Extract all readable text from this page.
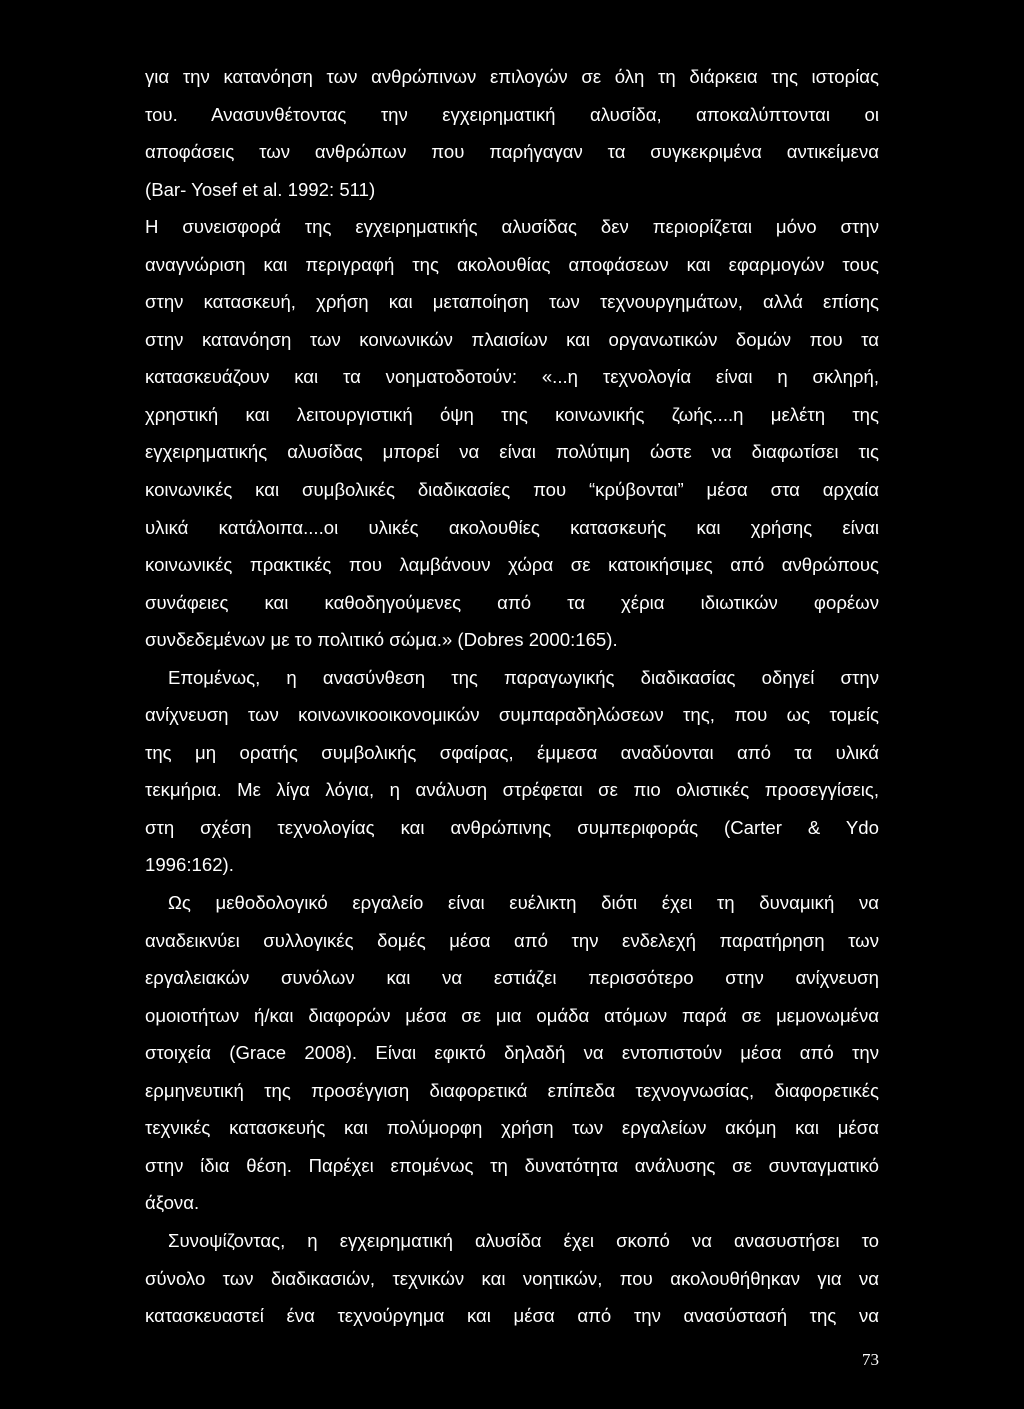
για την κατανόηση των ανθρώπινων επιλογών σε όλη τη διάρκεια της ιστορίας
του. Ανασυνθέτοντας την εγχειρηματική αλυσίδα, αποκαλύπτονται οι
αποφάσεις των ανθρώπων που παρήγαγαν τα συγκεκριμένα αντικείμενα
(Bar- Yosef et al. 1992: 511)
Η συνεισφορά της εγχειρηματικής αλυσίδας δεν περιορίζεται μόνο στην
αναγνώριση και περιγραφή της ακολουθίας αποφάσεων και εφαρμογών τους
στην κατασκευή, χρήση και μεταποίηση των τεχνουργημάτων, αλλά επίσης
στην κατανόηση των κοινωνικών πλαισίων και οργανωτικών δομών που τα
κατασκευάζουν και τα νοηματοδοτούν: «...η τεχνολογία είναι η σκληρή,
χρηστική και λειτουργιστική όψη της κοινωνικής ζωής....η μελέτη της
εγχειρηματικής αλυσίδας μπορεί να είναι πολύτιμη ώστε να διαφωτίσει τις
κοινωνικές και συμβολικές διαδικασίες που “κρύβονται” μέσα στα αρχαία
υλικά κατάλοιπα....οι υλικές ακολουθίες κατασκευής και χρήσης είναι
κοινωνικές πρακτικές που λαμβάνουν χώρα σε κατοικήσιμες από ανθρώπους
συνάφειες και καθοδηγούμενες από τα χέρια ιδιωτικών φορέων
συνδεδεμένων με το πολιτικό σώμα.» (Dobres 2000:165).
Επομένως, η ανασύνθεση της παραγωγικής διαδικασίας οδηγεί στην
ανίχνευση των κοινωνικοοικονομικών συμπαραδηλώσεων της, που ως τομείς
της μη ορατής συμβολικής σφαίρας, έμμεσα αναδύονται από τα υλικά
τεκμήρια. Με λίγα λόγια, η ανάλυση στρέφεται σε πιο ολιστικές προσεγγίσεις,
στη σχέση τεχνολογίας και ανθρώπινης συμπεριφοράς (Carter & Ydo
1996:162).
Ως μεθοδολογικό εργαλείο είναι ευέλικτη διότι έχει τη δυναμική να
αναδεικνύει συλλογικές δομές μέσα από την ενδελεχή παρατήρηση των
εργαλειακών συνόλων και να εστιάζει περισσότερο στην ανίχνευση
ομοιοτήτων ή/και διαφορών μέσα σε μια ομάδα ατόμων παρά σε μεμονωμένα
στοιχεία (Grace 2008). Είναι εφικτό δηλαδή να εντοπιστούν μέσα από την
ερμηνευτική της προσέγγιση διαφορετικά επίπεδα τεχνογνωσίας, διαφορετικές
τεχνικές κατασκευής και πολύμορφη χρήση των εργαλείων ακόμη και μέσα
στην ίδια θέση. Παρέχει επομένως τη δυνατότητα ανάλυσης σε συνταγματικό
άξονα.
Συνοψίζοντας, η εγχειρηματική αλυσίδα έχει σκοπό να ανασυστήσει το
σύνολο των διαδικασιών, τεχνικών και νοητικών, που ακολουθήθηκαν για να
κατασκευαστεί ένα τεχνούργημα και μέσα από την ανασύστασή της να
73
